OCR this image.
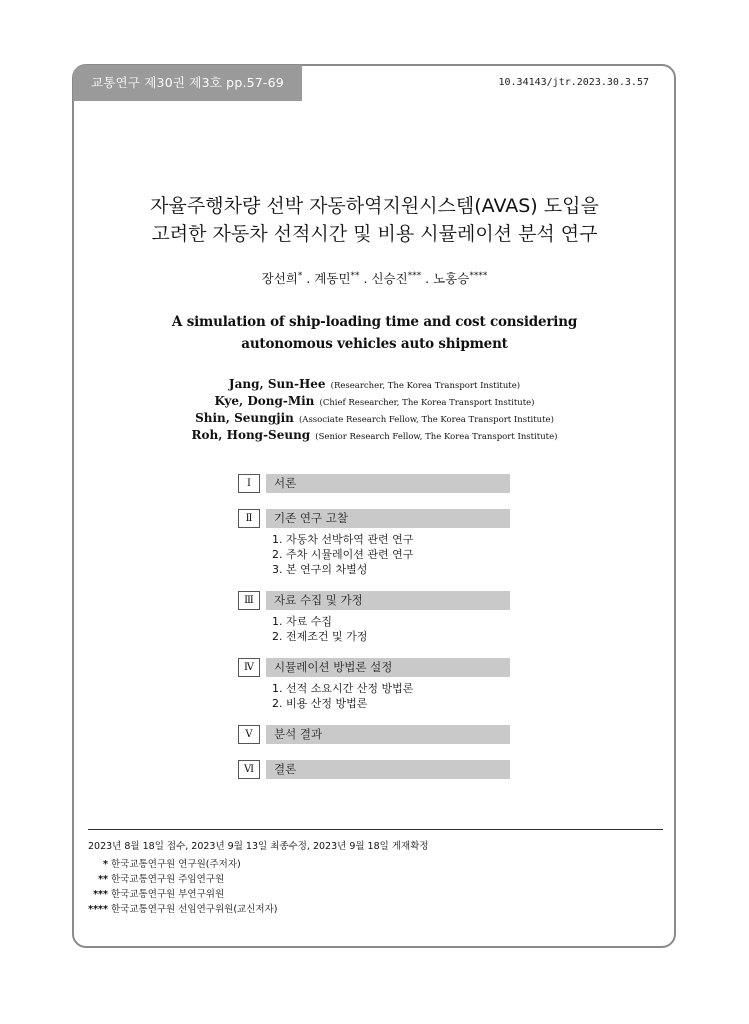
교통연구 제30권 제3호 pp.57-69	10.34143/jtr.2023.30.3.57
자율주행차량 선박 자동하역지원시스템(AVAS) 도입을
고려한 자동차 선적시간 및 비용 시뮬레이션 분석 연구
장선희* . 계동민** . 신승진*** . 노홍승****
A simulation of ship-loading time and cost considering
autonomous vehicles auto shipment
Jang, Sun-Hee (Researcher, The Korea Transport Institute)
Kye, Dong-Min (Chief Researcher, The Korea Transport Institute)
Shin, Seungjin (Associate Research Fellow, The Korea Transport Institute)
Roh, Hong-Seung (Senior Research Fellow, The Korea Transport Institute)
Ⅰ	서론
Ⅱ	기존 연구 고찰
1. 자동차 선박하역 관련 연구
2. 주차 시뮬레이션 관련 연구
3. 본 연구의 차별성
Ⅲ	자료 수집 및 가정
1. 자료 수집
2. 전제조건 및 가정
Ⅳ	시뮬레이션 방법론 설정
1. 선적 소요시간 산정 방법론
2. 비용 산정 방법론
Ⅴ	분석 결과
Ⅵ	결론
2023년 8월 18일 접수, 2023년 9월 13일 최종수정, 2023년 9월 18일 게재확정
* 한국교통연구원 연구원(주저자)
** 한국교통연구원 주임연구원
*** 한국교통연구원 부연구위원
**** 한국교통연구원 선임연구위원(교신저자)
